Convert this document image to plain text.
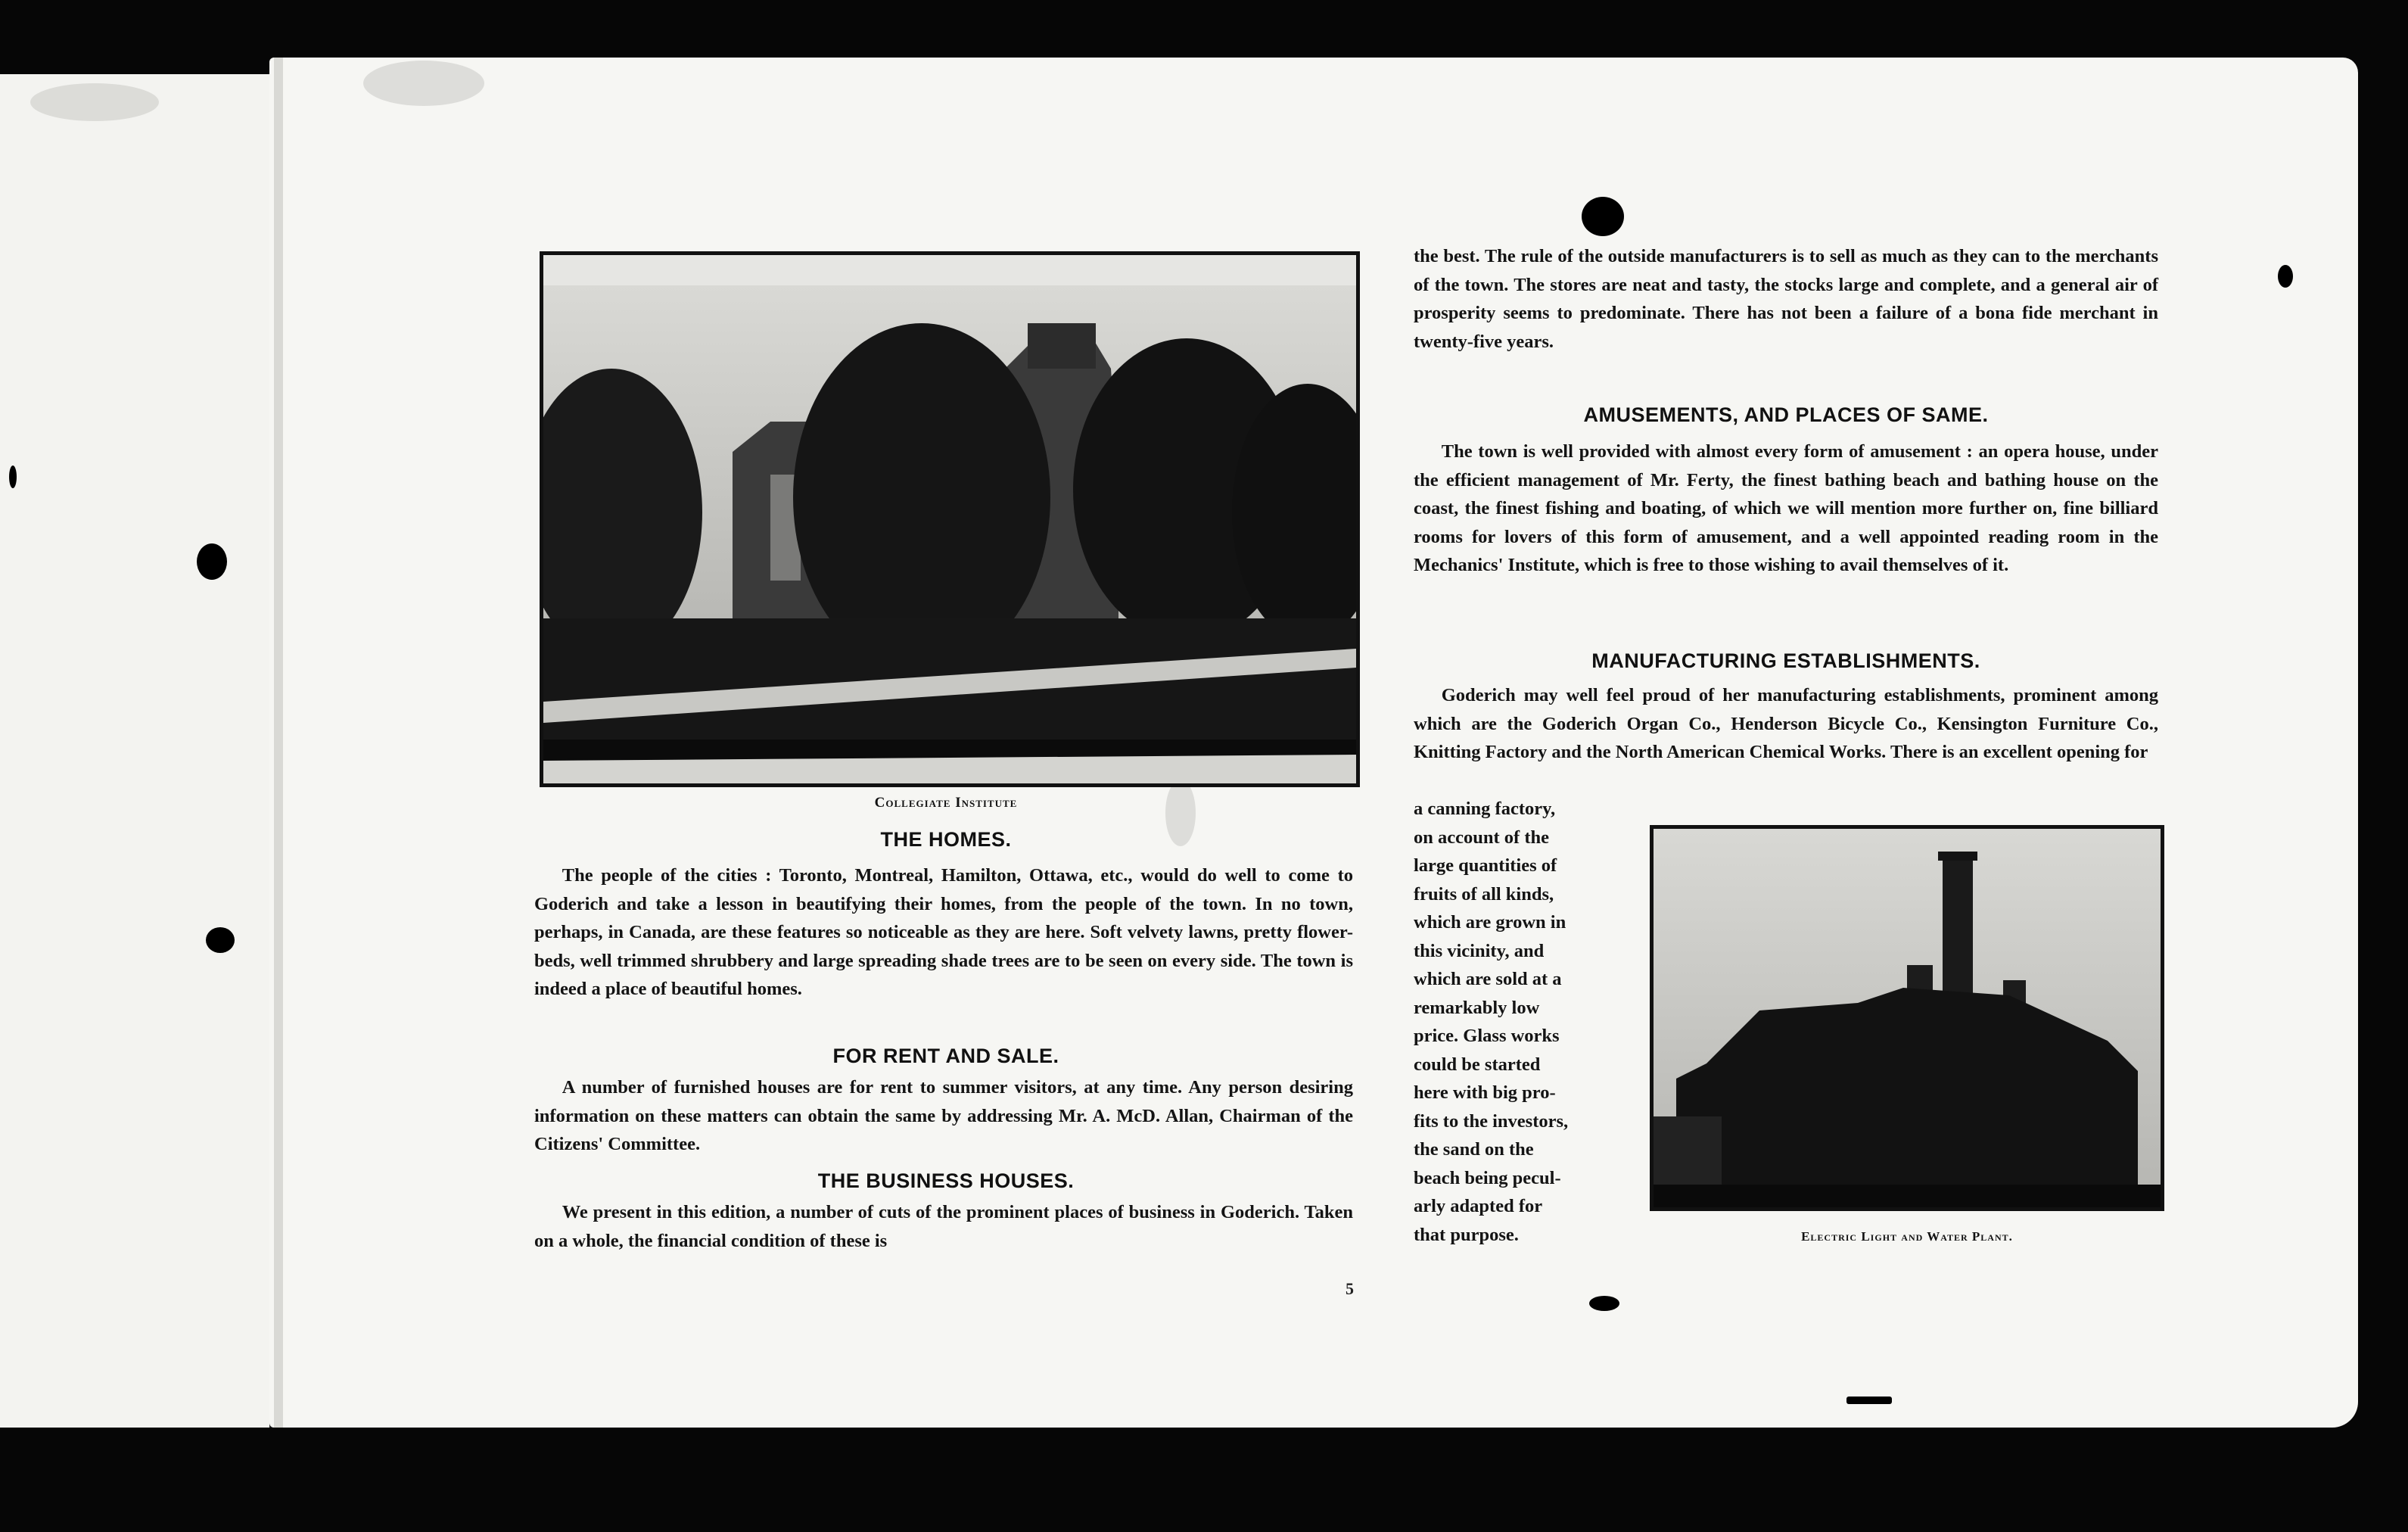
Collegiate Institute
THE HOMES.
The people of the cities : Toronto, Montreal, Hamilton, Ottawa, etc., would do well to come to Goderich and take a lesson in beautifying their homes, from the people of the town. In no town, perhaps, in Canada, are these features so noticeable as they are here. Soft velvety lawns, pretty flower-beds, well trimmed shrubbery and large spreading shade trees are to be seen on every side. The town is indeed a place of beautiful homes.
FOR RENT AND SALE.
A number of furnished houses are for rent to summer visitors, at any time. Any person desiring information on these matters can obtain the same by addressing Mr. A. McD. Allan, Chairman of the Citizens' Committee.
THE BUSINESS HOUSES.
We present in this edition, a number of cuts of the prominent places of business in Goderich. Taken on a whole, the financial condition of these is
5
the best. The rule of the outside manufacturers is to sell as much as they can to the merchants of the town. The stores are neat and tasty, the stocks large and complete, and a general air of prosperity seems to predominate. There has not been a failure of a bona fide merchant in twenty-five years.
AMUSEMENTS, AND PLACES OF SAME.
The town is well provided with almost every form of amusement : an opera house, under the efficient management of Mr. Ferty, the finest bathing beach and bathing house on the coast, the finest fishing and boating, of which we will mention more further on, fine billiard rooms for lovers of this form of amusement, and a well appointed reading room in the Mechanics' Institute, which is free to those wishing to avail themselves of it.
MANUFACTURING ESTABLISHMENTS.
Goderich may well feel proud of her manufacturing establishments, prominent among which are the Goderich Organ Co., Henderson Bicycle Co., Kensington Furniture Co., Knitting Factory and the North American Chemical Works. There is an excellent opening for
a canning factory,
on account of the
large quantities of
fruits of all kinds,
which are grown in
this vicinity, and
which are sold at a
remarkably low
price. Glass works
could be started
here with big pro-
fits to the investors,
the sand on the
beach being pecul-
arly adapted for
that purpose.	Electric Light and Water Plant.
